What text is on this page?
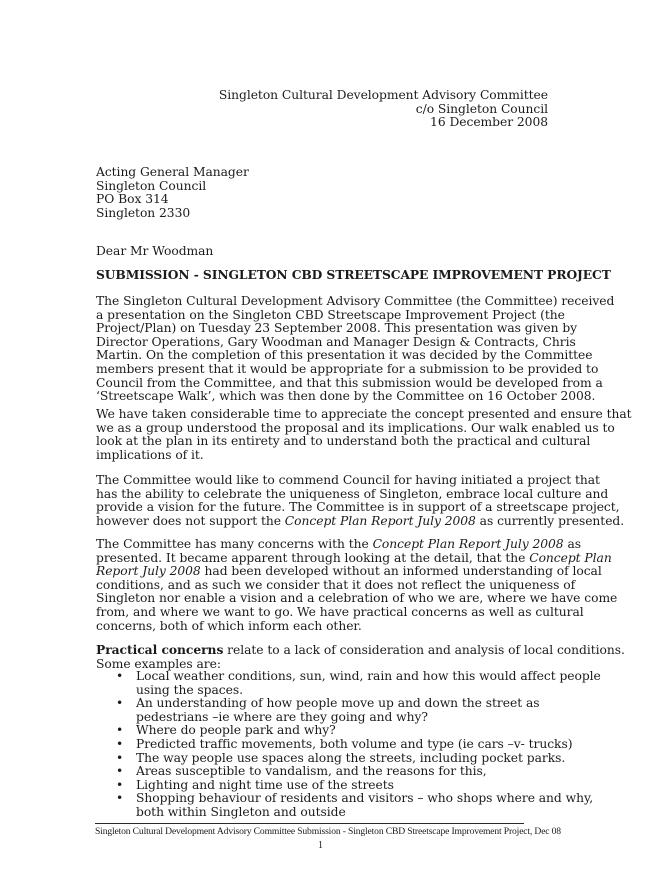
Singleton Cultural Development Advisory Committee
c/o Singleton Council
16 December 2008
Acting General Manager
Singleton Council
PO Box 314
Singleton 2330
Dear Mr Woodman
SUBMISSION - SINGLETON CBD STREETSCAPE IMPROVEMENT PROJECT
The Singleton Cultural Development Advisory Committee (the Committee) received
a presentation on the Singleton CBD Streetscape Improvement Project (the
Project/Plan) on Tuesday 23 September 2008. This presentation was given by
Director Operations, Gary Woodman and Manager Design & Contracts, Chris
Martin. On the completion of this presentation it was decided by the Committee
members present that it would be appropriate for a submission to be provided to
Council from the Committee, and that this submission would be developed from a
‘Streetscape Walk’, which was then done by the Committee on 16 October 2008.
We have taken considerable time to appreciate the concept presented and ensure that
we as a group understood the proposal and its implications. Our walk enabled us to
look at the plan in its entirety and to understand both the practical and cultural
implications of it.
The Committee would like to commend Council for having initiated a project that
has the ability to celebrate the uniqueness of Singleton, embrace local culture and
provide a vision for the future. The Committee is in support of a streetscape project,
however does not support the Concept Plan Report July 2008 as currently presented.
The Committee has many concerns with the Concept Plan Report July 2008 as
presented. It became apparent through looking at the detail, that the Concept Plan
Report July 2008 had been developed without an informed understanding of local
conditions, and as such we consider that it does not reflect the uniqueness of
Singleton nor enable a vision and a celebration of who we are, where we have come
from, and where we want to go. We have practical concerns as well as cultural
concerns, both of which inform each other.
Practical concerns relate to a lack of consideration and analysis of local conditions.
Some examples are:
• Local weather conditions, sun, wind, rain and how this would affect people
using the spaces.
• An understanding of how people move up and down the street as
pedestrians –ie where are they going and why?
• Where do people park and why?
• Predicted traffic movements, both volume and type (ie cars –v- trucks)
• The way people use spaces along the streets, including pocket parks.
• Areas susceptible to vandalism, and the reasons for this,
• Lighting and night time use of the streets
• Shopping behaviour of residents and visitors – who shops where and why,
both within Singleton and outside
Singleton Cultural Development Advisory Committee Submission - Singleton CBD Streetscape Improvement Project, Dec 08
1
